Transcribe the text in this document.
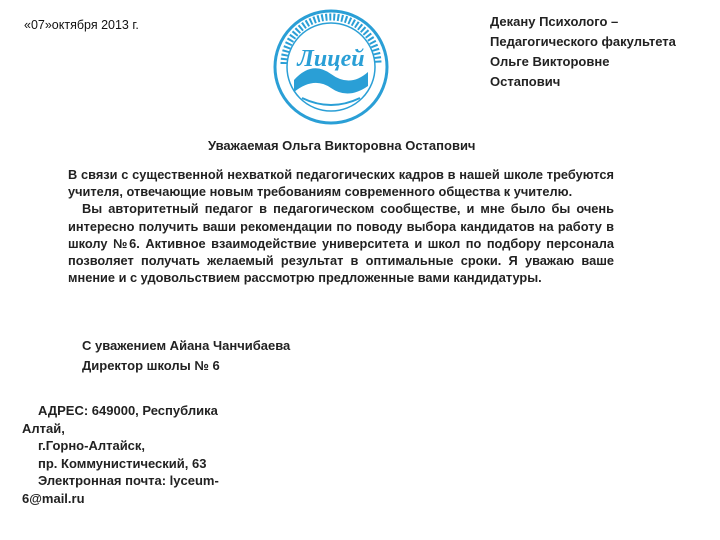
«07»октября 2013 г.
Лицей
Декану Психолого –
Педагогического факультета
Ольге Викторовне
Остапович
Уважаемая Ольга Викторовна Остапович

В связи с существенной нехваткой педагогических кадров в нашей школе требуются учителя, отвечающие новым требованиям современного общества к учителю.

Вы авторитетный педагог в педагогическом сообществе, и мне было бы очень интересно получить ваши рекомендации по поводу выбора кандидатов на работу в школу №6. Активное взаимодействие университета и школ по подбору персонала позволяет получать желаемый результат в оптимальные сроки. Я уважаю ваше мнение и с удовольствием рассмотрю предложенные вами кандидатуры.

С уважением Айана Чанчибаева
Директор школы № 6

АДРЕС: 649000, Республика Алтай,

г.Горно-Алтайск,

пр. Коммунистический, 63

Электронная почта: lyceum-6@mail.ru
